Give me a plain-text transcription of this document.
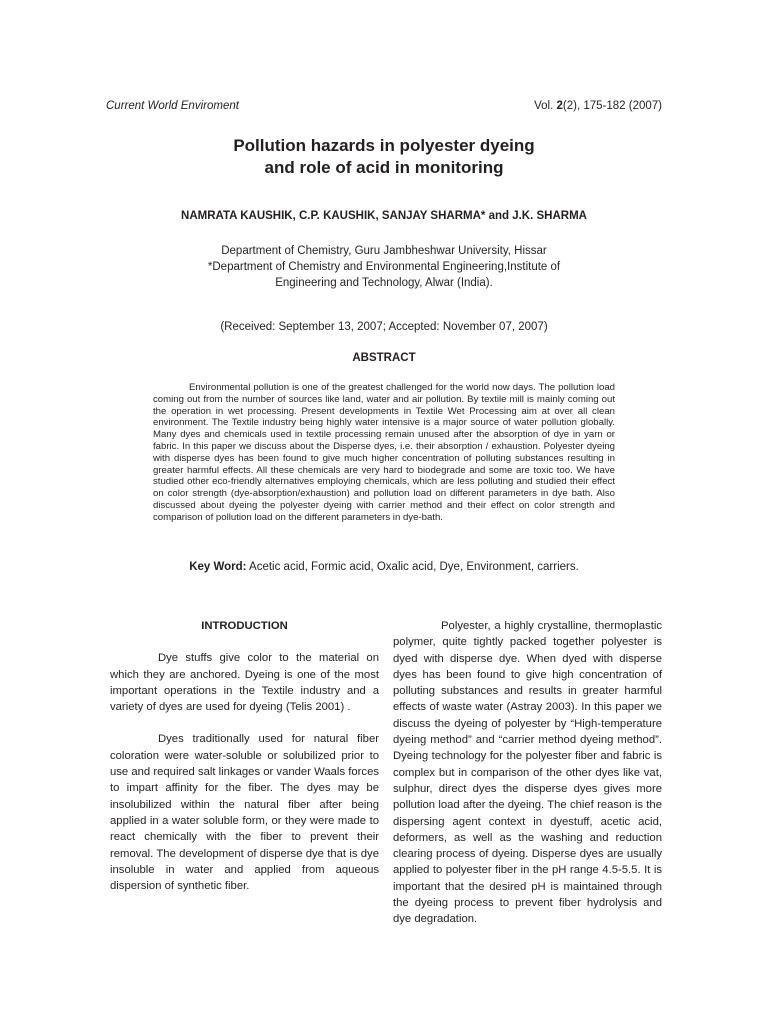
Current World Enviroment	Vol. 2(2), 175-182 (2007)
Pollution hazards in polyester dyeing
and role of acid in monitoring
NAMRATA KAUSHIK, C.P. KAUSHIK, SANJAY SHARMA* and J.K. SHARMA
Department of Chemistry, Guru Jambheshwar University, Hissar
*Department of Chemistry and Environmental Engineering,Institute of
Engineering and Technology, Alwar (India).
(Received: September 13, 2007; Accepted: November 07, 2007)
ABSTRACT
Environmental pollution is one of the greatest challenged for the world now days. The pollution load coming out from the number of sources like land, water and air pollution. By textile mill is mainly coming out the operation in wet processing. Present developments in Textile Wet Processing aim at over all clean environment. The Textile industry being highly water intensive is a major source of water pollution globally. Many dyes and chemicals used in textile processing remain unused after the absorption of dye in yarn or fabric. In this paper we discuss about the Disperse dyes, i.e. their absorption / exhaustion. Polyester dyeing with disperse dyes has been found to give much higher concentration of polluting substances resulting in greater harmful effects. All these chemicals are very hard to biodegrade and some are toxic too. We have studied other eco-friendly alternatives employing chemicals, which are less polluting and studied their effect on color strength (dye-absorption/exhaustion) and pollution load on different parameters in dye bath. Also discussed about dyeing the polyester dyeing with carrier method and their effect on color strength and comparison of pollution load on the different parameters in dye-bath.
Key Word: Acetic acid, Formic acid, Oxalic acid, Dye, Environment, carriers.
INTRODUCTION

Dye stuffs give color to the material on which they are anchored. Dyeing is one of the most important operations in the Textile industry and a variety of dyes are used for dyeing (Telis 2001) .

Dyes traditionally used for natural fiber coloration were water-soluble or solubilized prior to use and required salt linkages or vander Waals forces to impart affinity for the fiber. The dyes may be insolubilized within the natural fiber after being applied in a water soluble form, or they were made to react chemically with the fiber to prevent their removal. The development of disperse dye that is dye insoluble in water and applied from aqueous dispersion of synthetic fiber.

Polyester, a highly crystalline, thermoplastic polymer, quite tightly packed together polyester is dyed with disperse dye. When dyed with disperse dyes has been found to give high concentration of polluting substances and results in greater harmful effects of waste water (Astray 2003). In this paper we discuss the dyeing of polyester by “High-temperature dyeing method” and “carrier method dyeing method”. Dyeing technology for the polyester fiber and fabric is complex but in comparison of the other dyes like vat, sulphur, direct dyes the disperse dyes gives more pollution load after the dyeing. The chief reason is the dispersing agent context in dyestuff, acetic acid, deformers, as well as the washing and reduction clearing process of dyeing. Disperse dyes are usually applied to polyester fiber in the pH range 4.5-5.5. It is important that the desired pH is maintained through the dyeing process to prevent fiber hydrolysis and dye degradation.
